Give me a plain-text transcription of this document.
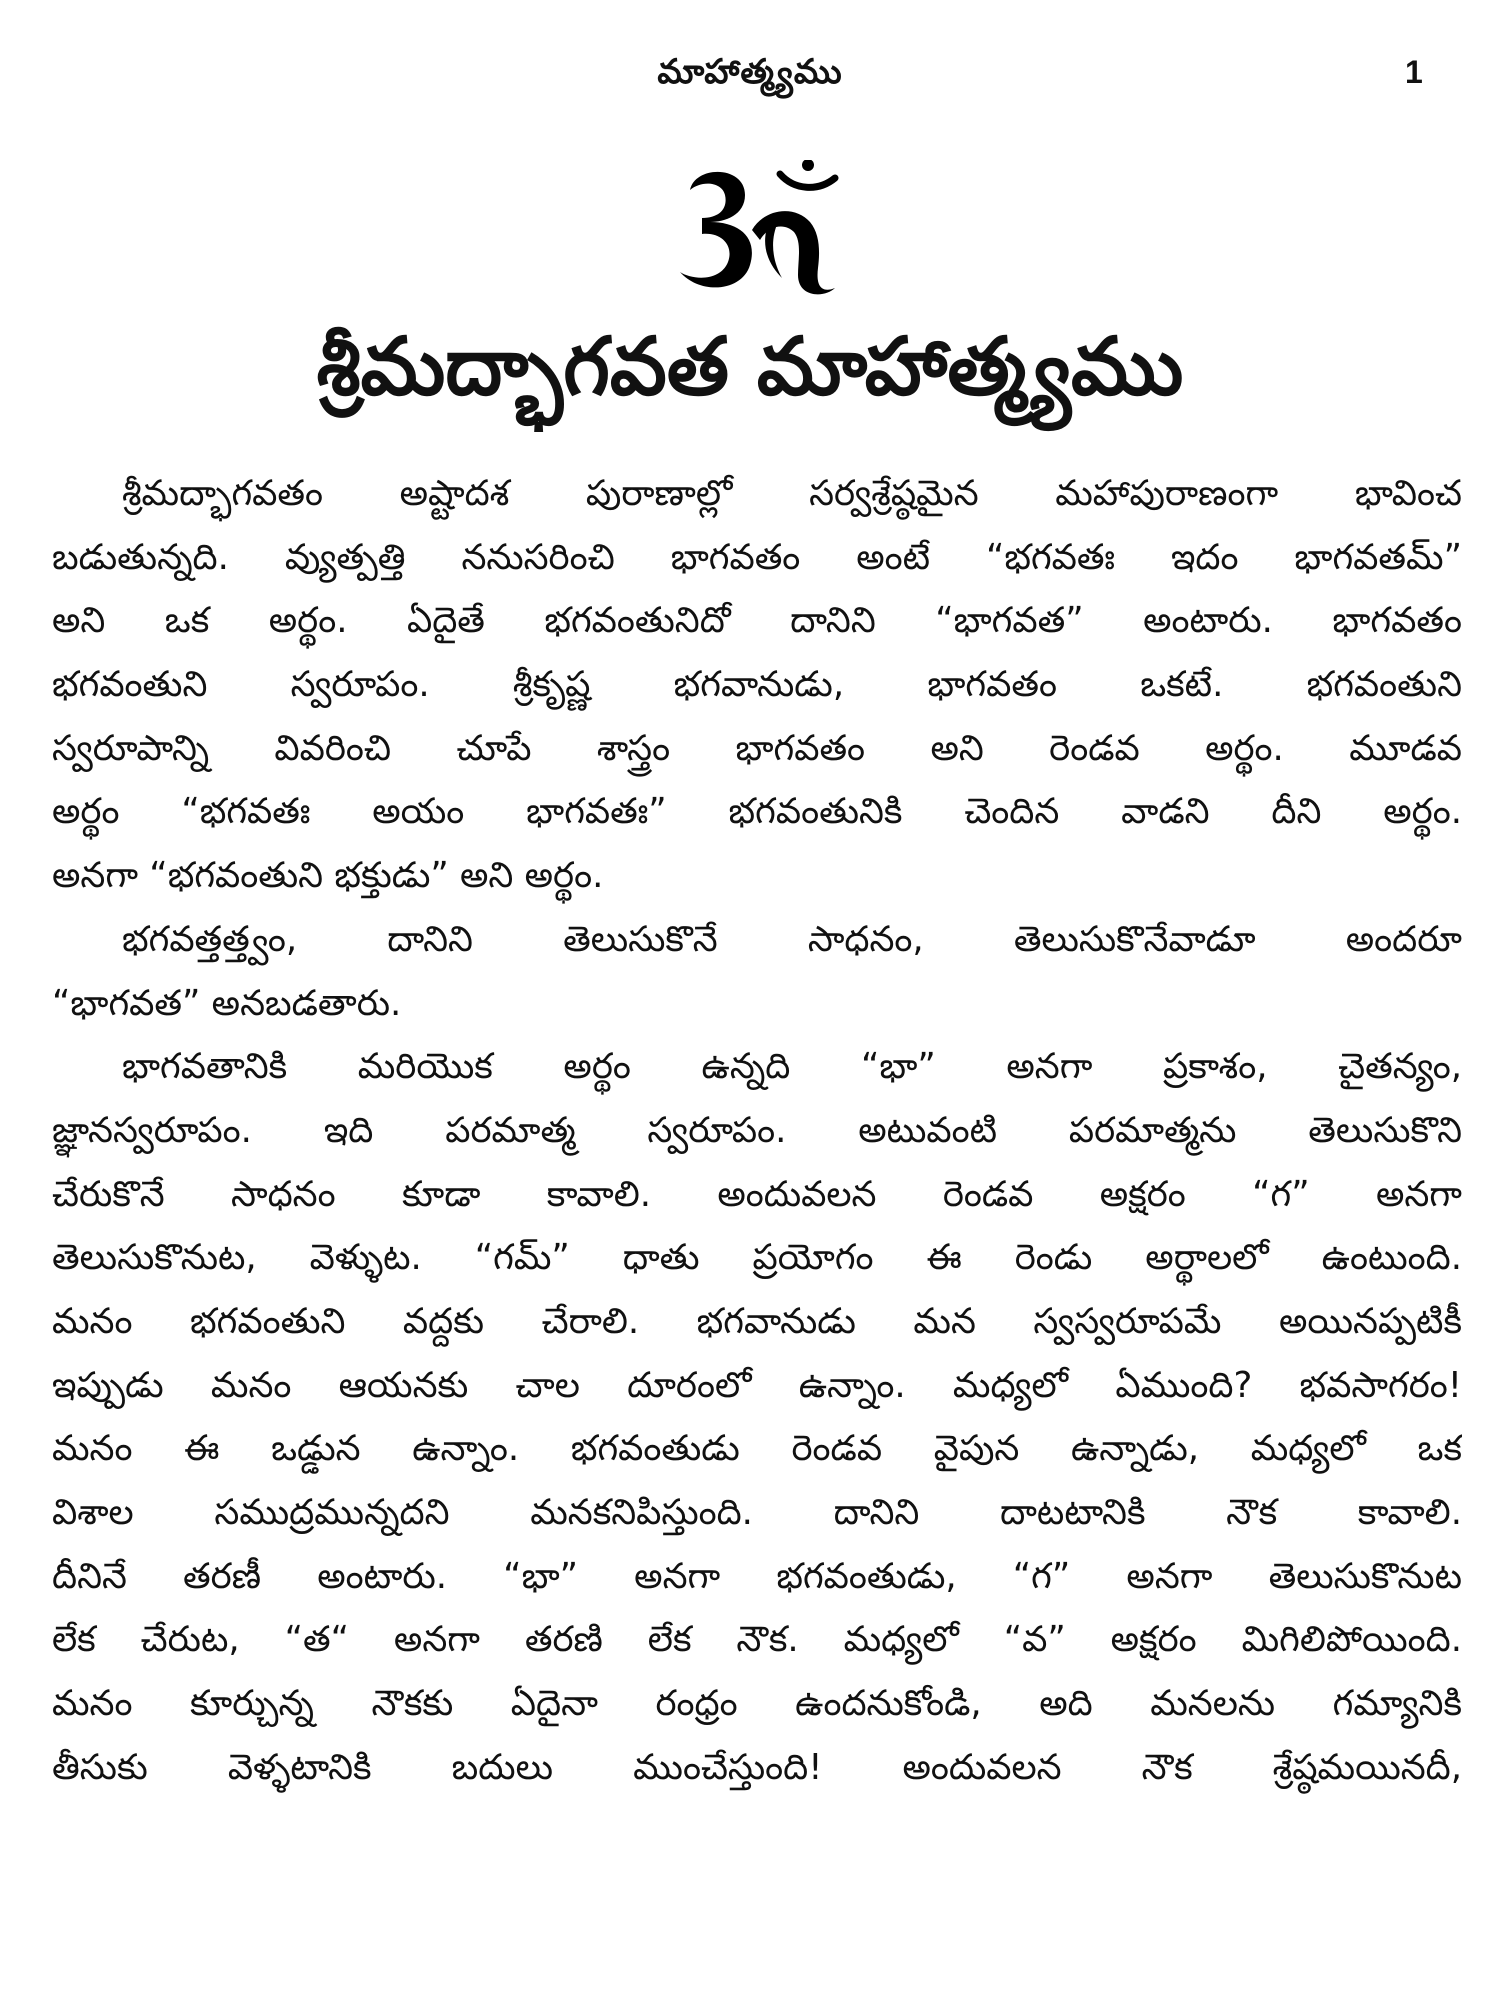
మాహాత్మ్యము	1
శ్రీమద్భాగవత మాహాత్మ్యము
శ్రీమద్భాగవతం అష్టాదశ పురాణాల్లో సర్వశ్రేష్ఠమైన మహాపురాణంగా భావించ
బడుతున్నది. వ్యుత్పత్తి ననుసరించి భాగవతం అంటే “భగవతః ఇదం భాగవతమ్”
అని ఒక అర్థం. ఏదైతే భగవంతునిదో దానిని “భాగవత” అంటారు. భాగవతం
భగవంతుని స్వరూపం. శ్రీకృష్ణ భగవానుడు, భాగవతం ఒకటే. భగవంతుని
స్వరూపాన్ని వివరించి చూపే శాస్త్రం భాగవతం అని రెండవ అర్థం. మూడవ
అర్థం “భగవతః అయం భాగవతః” భగవంతునికి చెందిన వాడని దీని అర్థం.
అనగా “భగవంతుని భక్తుడు” అని అర్థం.
భగవత్తత్త్వం, దానిని తెలుసుకొనే సాధనం, తెలుసుకొనేవాడూ అందరూ
“భాగవత” అనబడతారు.
భాగవతానికి మరియొక అర్థం ఉన్నది “భా” అనగా ప్రకాశం, చైతన్యం,
జ్ఞానస్వరూపం. ఇది పరమాత్మ స్వరూపం. అటువంటి పరమాత్మను తెలుసుకొని
చేరుకొనే సాధనం కూడా కావాలి. అందువలన రెండవ అక్షరం “గ” అనగా
తెలుసుకొనుట, వెళ్ళుట. “గమ్” ధాతు ప్రయోగం ఈ రెండు అర్థాలలో ఉంటుంది.
మనం భగవంతుని వద్దకు చేరాలి. భగవానుడు మన స్వస్వరూపమే అయినప్పటికీ
ఇప్పుడు మనం ఆయనకు చాల దూరంలో ఉన్నాం. మధ్యలో ఏముంది? భవసాగరం!
మనం ఈ ఒడ్డున ఉన్నాం. భగవంతుడు రెండవ వైపున ఉన్నాడు, మధ్యలో ఒక
విశాల సముద్రమున్నదని మనకనిపిస్తుంది. దానిని దాటటానికి నౌక కావాలి.
దీనినే తరణీ అంటారు. “భా” అనగా భగవంతుడు, “గ” అనగా తెలుసుకొనుట
లేక చేరుట, “త“ అనగా తరణి లేక నౌక. మధ్యలో “వ” అక్షరం మిగిలిపోయింది.
మనం కూర్చున్న నౌకకు ఏదైనా రంధ్రం ఉందనుకోండి, అది మనలను గమ్యానికి
తీసుకు వెళ్ళటానికి బదులు ముంచేస్తుంది! అందువలన నౌక శ్రేష్ఠమయినదీ,
